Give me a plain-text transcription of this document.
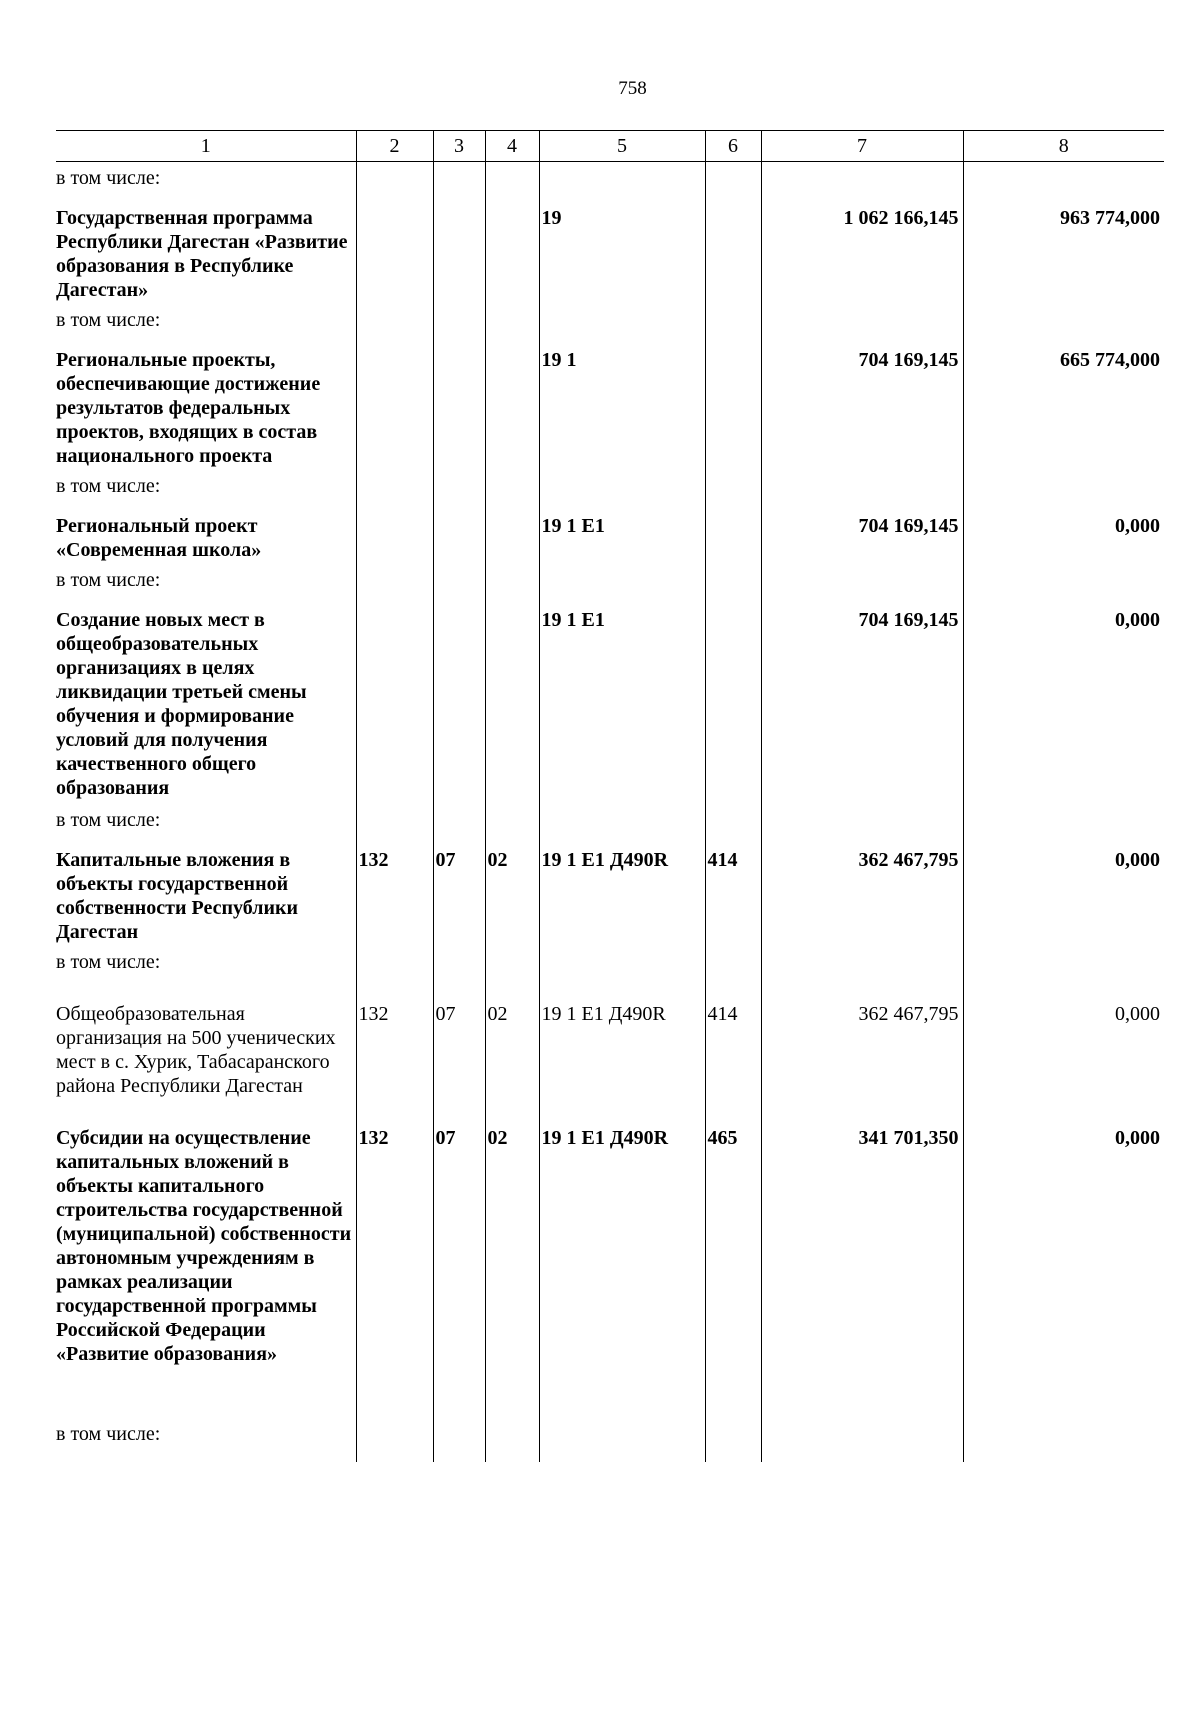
758
1	2	3	4	5	6	7	8
в том числе:							
Государственная программа Республики Дагестан «Развитие образования в Республике Дагестан»				19		1 062 166,145	963 774,000
в том числе:							
Региональные проекты, обеспечивающие достижение результатов федеральных проектов, входящих в состав национального проекта				19 1		704 169,145	665 774,000
в том числе:							
Региональный проект «Современная школа»				19 1 E1		704 169,145	0,000
в том числе:							
Создание новых мест в общеобразовательных организациях в целях ликвидации третьей смены обучения и формирование условий для получения качественного общего образования				19 1 E1		704 169,145	0,000
в том числе:							
Капитальные вложения в объекты государственной собственности Республики Дагестан	132	07	02	19 1 E1 Д490R	414	362 467,795	0,000
в том числе:							
Общеобразовательная организация на 500 ученических мест в с. Хурик, Табасаранского района Республики Дагестан	132	07	02	19 1 E1 Д490R	414	362 467,795	0,000
Субсидии на осуществление капитальных вложений в объекты капитального строительства государственной (муниципальной) собственности автономным учреждениям в рамках реализации государственной программы Российской Федерации «Развитие образования»	132	07	02	19 1 E1 Д490R	465	341 701,350	0,000
в том числе:							
